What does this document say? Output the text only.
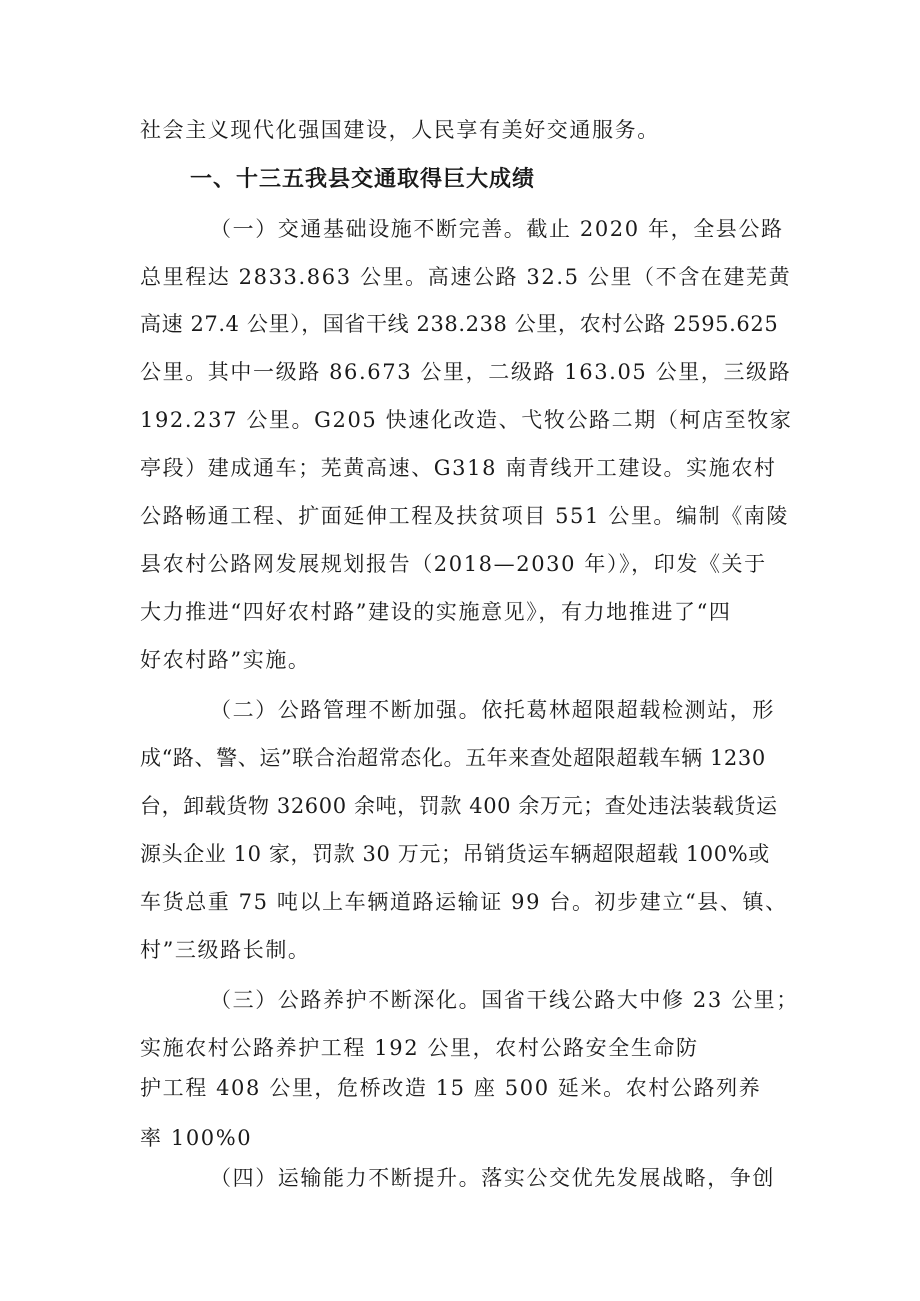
社会主义现代化强国建设，人民享有美好交通服务。

一、十三五我县交通取得巨大成绩

（一）交通基础设施不断完善。截止 2020 年，全县公路

总里程达 2833.863 公里。高速公路 32.5 公里（不含在建芜黄

高速 27.4 公里），国省干线 238.238 公里，农村公路 2595.625

公里。其中一级路 86.673 公里，二级路 163.05 公里，三级路

192.237 公里。G205 快速化改造、弋牧公路二期（柯店至牧家

亭段）建成通车；芜黄高速、G318 南青线开工建设。实施农村

公路畅通工程、扩面延伸工程及扶贫项目 551 公里。编制《南陵

县农村公路网发展规划报告（2018—2030 年）》，印发《关于

大力推进“四好农村路”建设的实施意见》，有力地推进了“四

好农村路”实施。

（二）公路管理不断加强。依托葛林超限超载检测站，形

成“路、警、运”联合治超常态化。五年来查处超限超载车辆 1230

台，卸载货物 32600 余吨，罚款 400 余万元；查处违法装载货运

源头企业 10 家，罚款 30 万元；吊销货运车辆超限超载 100%或

车货总重 75 吨以上车辆道路运输证 99 台。初步建立“县、镇、

村”三级路长制。

（三）公路养护不断深化。国省干线公路大中修 23 公里；

实施农村公路养护工程 192 公里，农村公路安全生命防

护工程 408 公里，危桥改造 15 座 500 延米。农村公路列养

率 100%0

（四）运输能力不断提升。落实公交优先发展战略，争创
